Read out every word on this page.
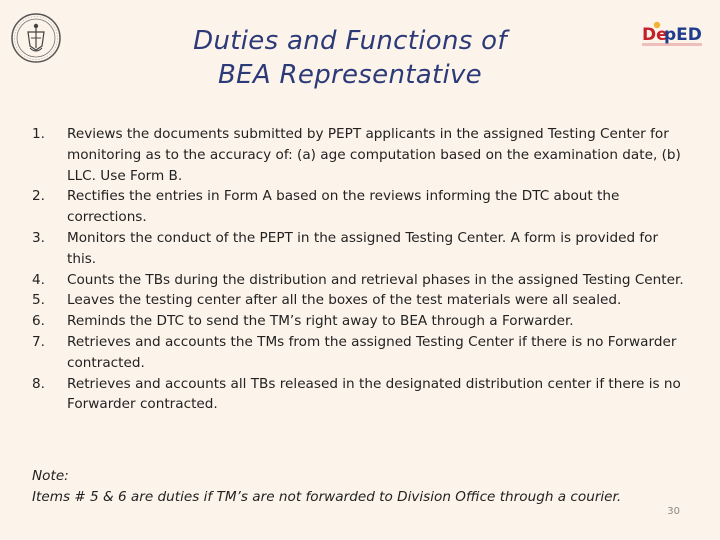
De
pED
Duties and Functions of
BEA Representative
1.	Reviews the documents submitted by PEPT applicants in the assigned Testing Center for monitoring as to the accuracy of: (a) age computation based on the examination date, (b) LLC. Use Form B.
2.	Rectifies the entries in Form A based on the reviews informing the DTC about the corrections.
3.	Monitors the conduct of the PEPT in the assigned Testing Center. A form is provided for this.
4.	Counts the TBs during the distribution and retrieval phases in the assigned Testing Center.
5.	Leaves the testing center after all the boxes of the test materials were all sealed.
6.	Reminds the DTC to send the TM’s right away to BEA through a Forwarder.
7.	Retrieves and accounts the TMs from the assigned Testing Center if there is no Forwarder contracted.
8.	Retrieves and accounts all TBs released in the designated distribution center if there is no Forwarder contracted.
Note:
Items # 5 & 6 are duties if TM’s are not forwarded to Division Office through a courier.
30
